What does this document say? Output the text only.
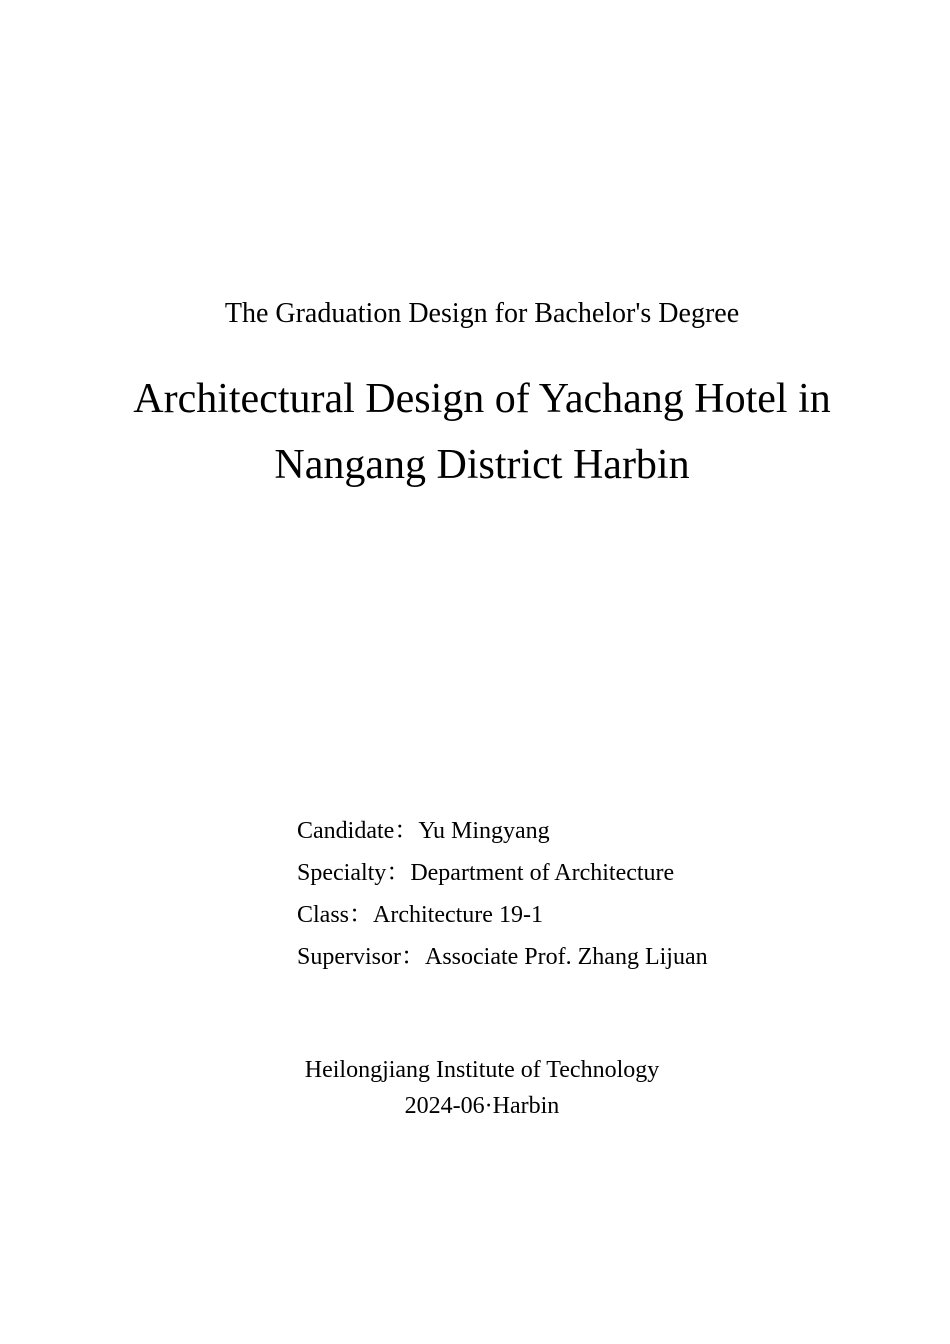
The Graduation Design for Bachelor's Degree
Architectural Design of Yachang Hotel in
Nangang District Harbin
Candidate：Yu Mingyang
Specialty：Department of Architecture
Class：Architecture 19-1
Supervisor：Associate Prof. Zhang Lijuan
Heilongjiang Institute of Technology
2024-06·Harbin
